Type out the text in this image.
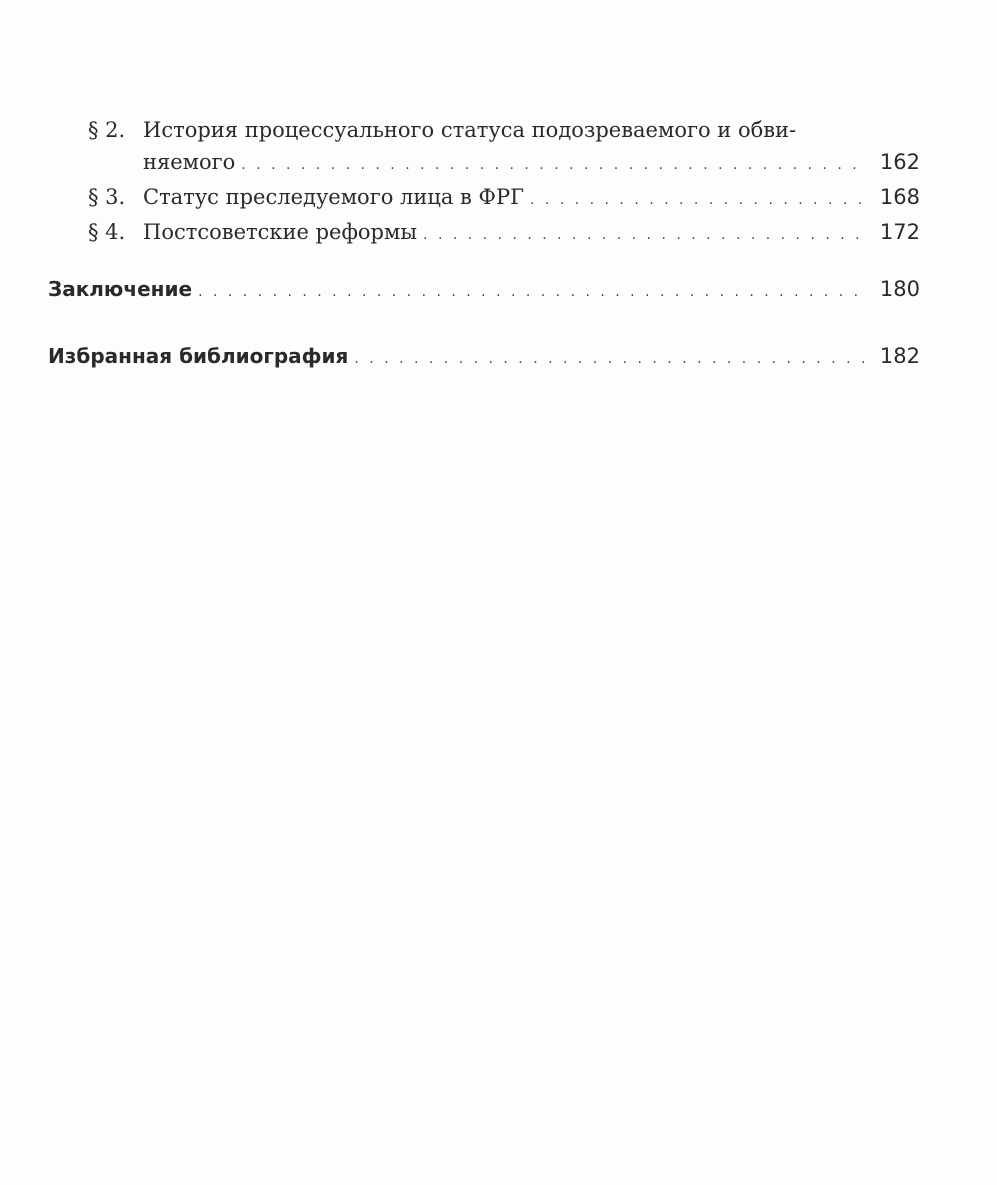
§ 2. История процессуального статуса подозреваемого и обви-
няемого . . .	162
§ 3. Статус преследуемого лица в ФРГ . . .	168
§ 4. Постсоветские реформы . . .	172
Заключение . . .	180
Избранная библиография . . .	182
